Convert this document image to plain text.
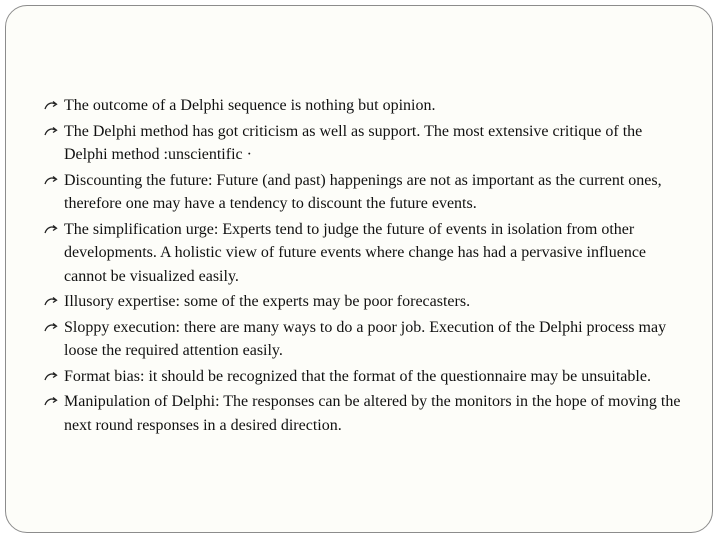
The outcome of a Delphi sequence is nothing but opinion.
The Delphi method has got criticism as well as support. The most extensive critique of the Delphi method :unscientific ·
Discounting the future: Future (and past) happenings are not as important as the current ones, therefore one may have a tendency to discount the future events.
The simplification urge: Experts tend to judge the future of events in isolation from other developments. A holistic view of future events where change has had a pervasive influence cannot be visualized easily.
Illusory expertise: some of the experts may be poor forecasters.
Sloppy execution: there are many ways to do a poor job. Execution of the Delphi process may loose the required attention easily.
Format bias: it should be recognized that the format of the questionnaire may be unsuitable.
Manipulation of Delphi: The responses can be altered by the monitors in the hope of moving the next round responses in a desired direction.
